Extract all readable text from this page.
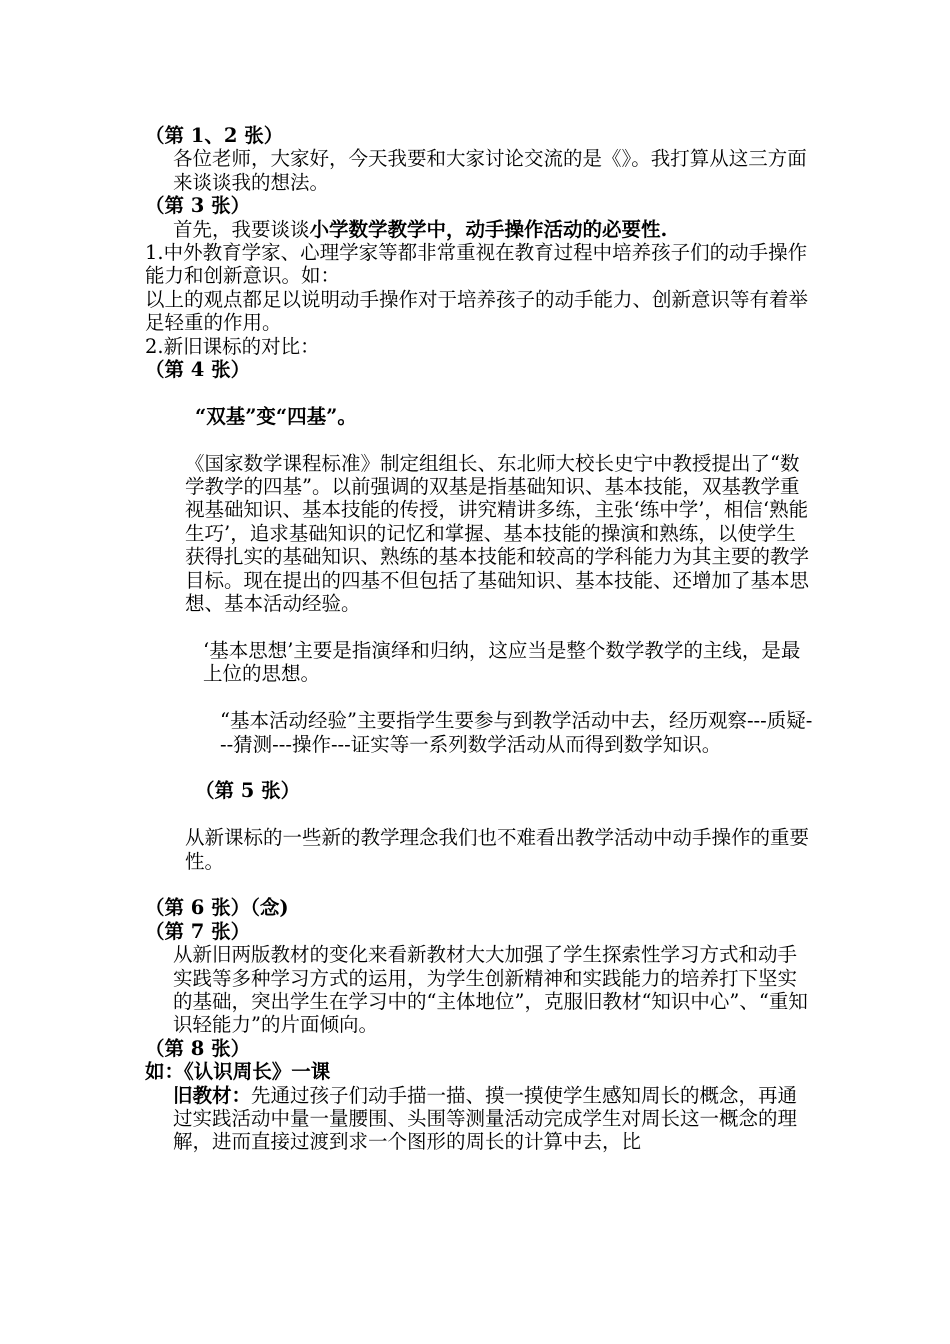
（第 1、2 张）

各位老师，大家好，今天我要和大家讨论交流的是《》。我打算从这三方面来谈谈我的想法。

（第 3 张）

首先，我要谈谈小学数学教学中，动手操作活动的必要性.

1.中外教育学家、心理学家等都非常重视在教育过程中培养孩子们的动手操作能力和创新意识。如：

以上的观点都足以说明动手操作对于培养孩子的动手能力、创新意识等有着举足轻重的作用。

2.新旧课标的对比：

（第 4 张）

“双基”变“四基”。

《国家数学课程标准》制定组组长、东北师大校长史宁中教授提出了“数学教学的四基”。以前强调的双基是指基础知识、基本技能，双基教学重视基础知识、基本技能的传授，讲究精讲多练，主张‘练中学’，相信‘熟能生巧’，追求基础知识的记忆和掌握、基本技能的操演和熟练，以使学生获得扎实的基础知识、熟练的基本技能和较高的学科能力为其主要的教学目标。现在提出的四基不但包括了基础知识、基本技能、还增加了基本思想、基本活动经验。

‘基本思想’主要是指演绎和归纳，这应当是整个数学教学的主线，是最上位的思想。

“基本活动经验”主要指学生要参与到教学活动中去，经历观察---质疑---猜测---操作---证实等一系列数学活动从而得到数学知识。

（第 5 张）

从新课标的一些新的教学理念我们也不难看出教学活动中动手操作的重要性。

（第 6 张）（念)

（第 7 张）

从新旧两版教材的变化来看新教材大大加强了学生探索性学习方式和动手实践等多种学习方式的运用，为学生创新精神和实践能力的培养打下坚实的基础，突出学生在学习中的“主体地位”，克服旧教材“知识中心”、“重知识轻能力”的片面倾向。

（第 8 张）

如：《认识周长》一课

旧教材：先通过孩子们动手描一描、摸一摸使学生感知周长的概念，再通过实践活动中量一量腰围、头围等测量活动完成学生对周长这一概念的理解，进而直接过渡到求一个图形的周长的计算中去，比
